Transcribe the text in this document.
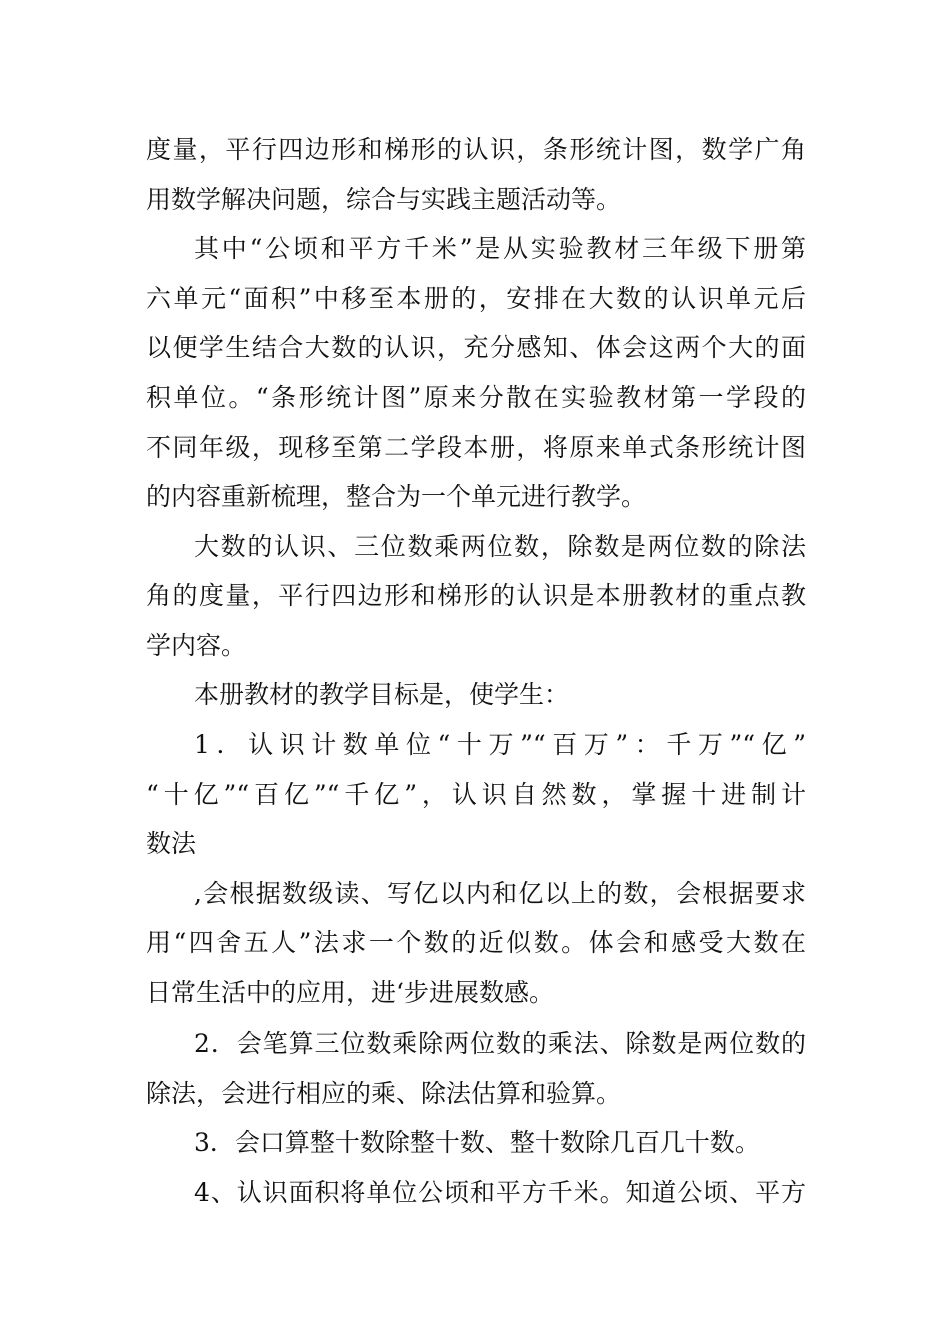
度量，平行四边形和梯形的认识，条形统计图，数学广角
用数学解决问题，综合与实践主题活动等。
其中“公顷和平方千米”是从实验教材三年级下册第
六单元“面积”中移至本册的，安排在大数的认识单元后
以便学生结合大数的认识，充分感知、体会这两个大的面
积单位。“条形统计图”原来分散在实验教材第一学段的
不同年级，现移至第二学段本册，将原来单式条形统计图
的内容重新梳理，整合为一个单元进行教学。
大数的认识、三位数乘两位数，除数是两位数的除法
角的度量，平行四边形和梯形的认识是本册教材的重点教
学内容。
本册教材的教学目标是，使学生：
1．认识计数单位“十万”“百万”：千万”“亿”
“十亿”“百亿”“千亿”，认识自然数，掌握十进制计
数法
,会根据数级读、写亿以内和亿以上的数，会根据要求
用“四舍五人”法求一个数的近似数。体会和感受大数在
日常生活中的应用，进‘步进展数感。
2．会笔算三位数乘除两位数的乘法、除数是两位数的
除法，会进行相应的乘、除法估算和验算。
3．会口算整十数除整十数、整十数除几百几十数。
4、认识面积将单位公顷和平方千米。知道公顷、平方
